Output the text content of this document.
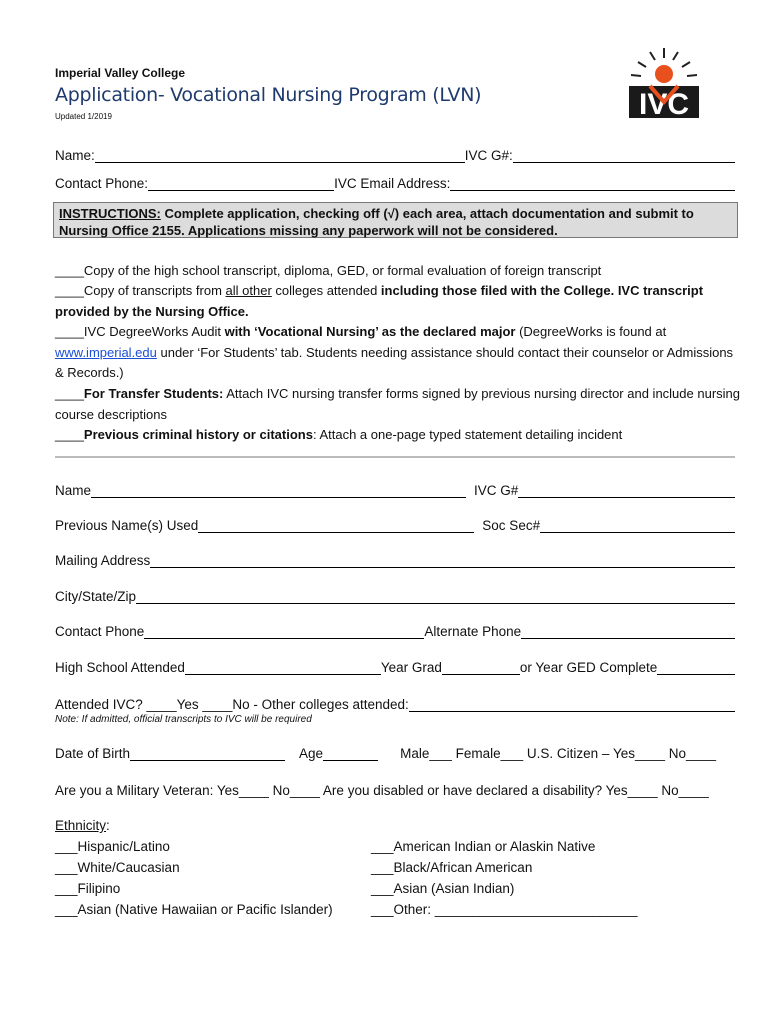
Imperial Valley College
Application- Vocational Nursing Program (LVN)
Updated 1/2019	IVC
Name:	IVC G#:
Contact Phone:	IVC Email Address:
INSTRUCTIONS: Complete application, checking off (√) each area, attach documentation and submit to Nursing Office 2155. Applications missing any paperwork will not be considered.
____Copy of the high school transcript, diploma, GED, or formal evaluation of foreign transcript
____Copy of transcripts from all other colleges attended including those filed with the College. IVC transcript provided by the Nursing Office.
____IVC DegreeWorks Audit with ‘Vocational Nursing’ as the declared major (DegreeWorks is found at www.imperial.edu under ‘For Students’ tab. Students needing assistance should contact their counselor or Admissions & Records.)
____For Transfer Students: Attach IVC nursing transfer forms signed by previous nursing director and include nursing course descriptions
____Previous criminal history or citations: Attach a one-page typed statement detailing incident
Name	IVC G#
Previous Name(s) Used	Soc Sec#
Mailing Address
City/State/Zip
Contact Phone	Alternate Phone
High School Attended	Year Grad	or Year GED Complete
Attended IVC? ____Yes ____No - Other colleges attended:
Note: If admitted, official transcripts to IVC will be required
Date of Birth	Age	Male___ Female___ U.S. Citizen – Yes____ No____
Are you a Military Veteran: Yes____ No____ Are you disabled or have declared a disability? Yes____ No____
Ethnicity:
___Hispanic/Latino
___White/Caucasian
___Filipino
___Asian (Native Hawaiian or Pacific Islander)
___American Indian or Alaskin Native
___Black/African American
___Asian (Asian Indian)
___Other: ___________________________
